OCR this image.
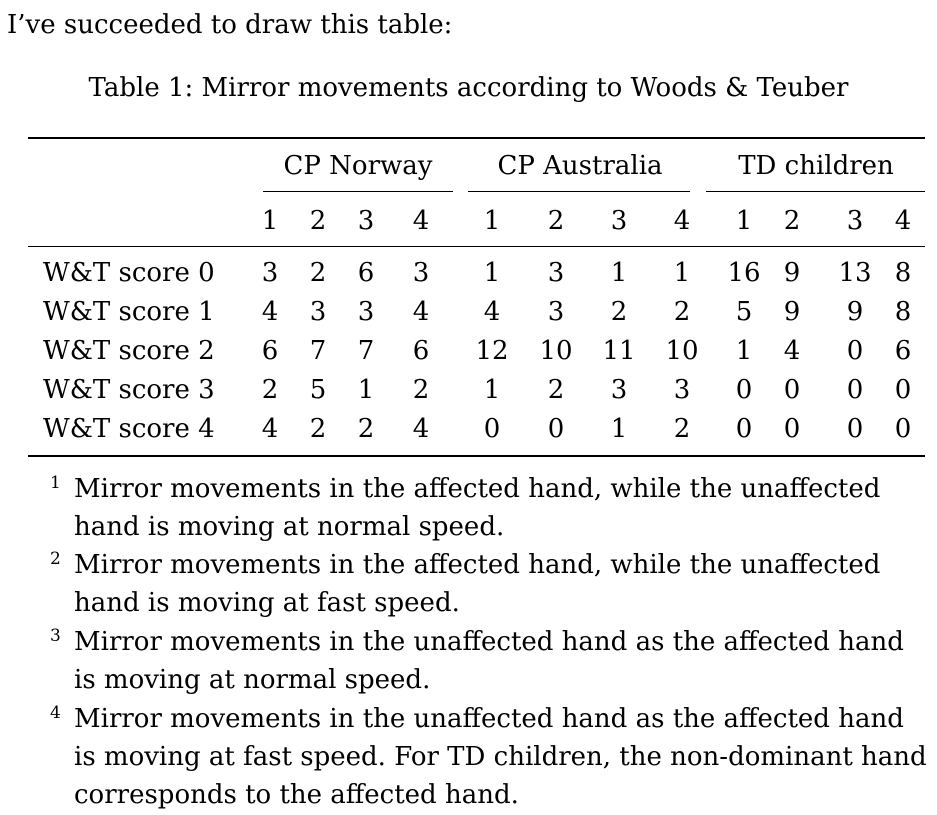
I’ve succeeded to draw this table:
Table 1: Mirror movements according to Woods & Teuber
CP Norway	CP Australia	TD children
1 2 3 4 1 2 3 4 1 2 3 4
W&T score 0 3 2 6 3 1 3 1 1 16 9 13 8
W&T score 1 4 3 3 4 4 3 2 2 5 9 9 8
W&T score 2 6 7 7 6 12 10 11 10 1 4 0 6
W&T score 3 2 5 1 2 1 2 3 3 0 0 0 0
W&T score 4 4 2 2 4 0 0 1 2 0 0 0 0
1 Mirror movements in the affected hand, while the unaffected hand is moving at normal speed.
2 Mirror movements in the affected hand, while the unaffected hand is moving at fast speed.
3 Mirror movements in the unaffected hand as the affected hand is moving at normal speed.
4 Mirror movements in the unaffected hand as the affected hand is moving at fast speed. For TD children, the non-dominant hand corresponds to the affected hand.
